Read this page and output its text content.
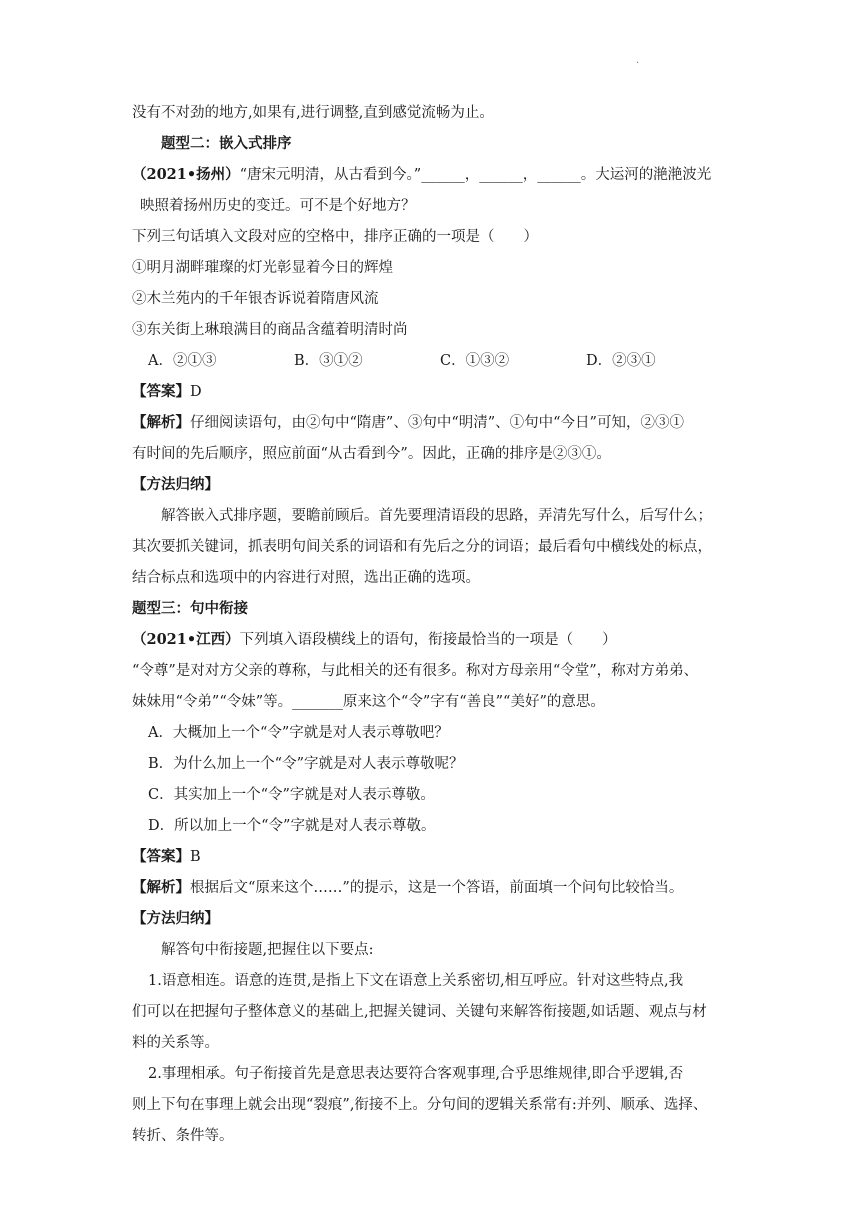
·

没有不对劲的地方,如果有,进行调整,直到感觉流畅为止。

题型二：嵌入式排序

（2021•扬州）“唐宋元明清，从古看到今。”______，______，______。大运河的滟滟波光

映照着扬州历史的变迁。可不是个好地方？

下列三句话填入文段对应的空格中，排序正确的一项是（　　）

①明月湖畔璀璨的灯光彰显着今日的辉煌

②木兰苑内的千年银杏诉说着隋唐风流

③东关街上琳琅满目的商品含蕴着明清时尚

A．②①③	B．③①②	C．①③②	D．②③①

【答案】D

【解析】仔细阅读语句，由②句中“隋唐”、③句中“明清”、①句中“今日”可知，②③①

有时间的先后顺序，照应前面“从古看到今”。因此，正确的排序是②③①。

【方法归纳】

解答嵌入式排序题，要瞻前顾后。首先要理清语段的思路，弄清先写什么，后写什么；

其次要抓关键词，抓表明句间关系的词语和有先后之分的词语；最后看句中横线处的标点，

结合标点和选项中的内容进行对照，选出正确的选项。

题型三：句中衔接

（2021•江西）下列填入语段横线上的语句，衔接最恰当的一项是（　　）

“令尊”是对对方父亲的尊称，与此相关的还有很多。称对方母亲用“令堂”，称对方弟弟、

妹妹用“令弟”“令妹”等。_______原来这个“令”字有“善良”“美好”的意思。

A．大概加上一个“令”字就是对人表示尊敬吧？

B．为什么加上一个“令”字就是对人表示尊敬呢？

C．其实加上一个“令”字就是对人表示尊敬。

D．所以加上一个“令”字就是对人表示尊敬。

【答案】B

【解析】根据后文“原来这个……”的提示，这是一个答语，前面填一个问句比较恰当。

【方法归纳】

解答句中衔接题,把握住以下要点:

1.语意相连。语意的连贯,是指上下文在语意上关系密切,相互呼应。针对这些特点,我

们可以在把握句子整体意义的基础上,把握关键词、关键句来解答衔接题,如话题、观点与材

料的关系等。

2.事理相承。句子衔接首先是意思表达要符合客观事理,合乎思维规律,即合乎逻辑,否

则上下句在事理上就会出现“裂痕”,衔接不上。分句间的逻辑关系常有:并列、顺承、选择、

转折、条件等。
